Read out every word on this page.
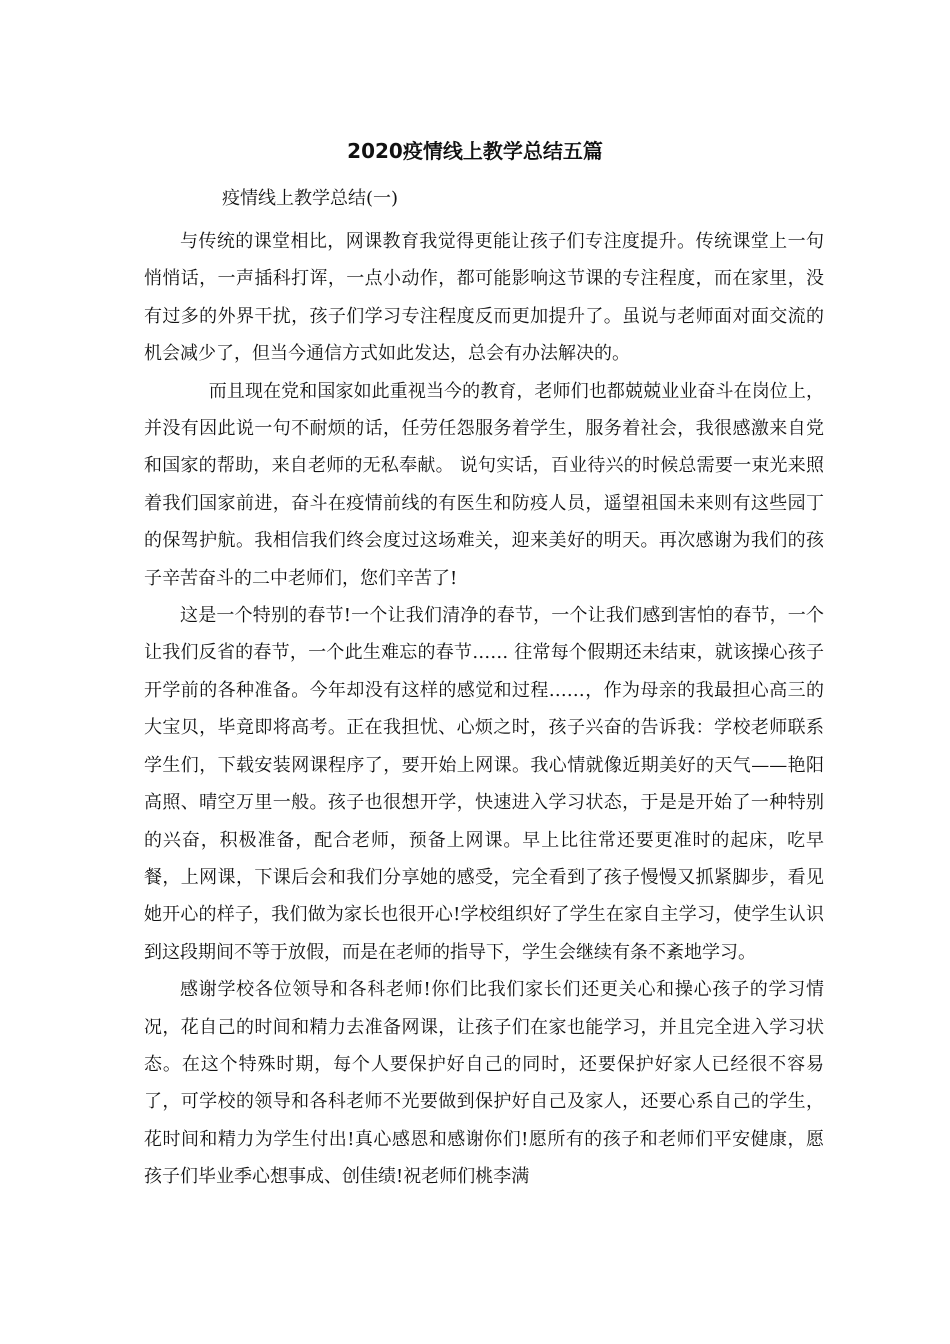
2020疫情线上教学总结五篇

疫情线上教学总结(一)

与传统的课堂相比，网课教育我觉得更能让孩子们专注度提升。传统课堂上一句悄悄话，一声插科打诨，一点小动作，都可能影响这节课的专注程度，而在家里，没有过多的外界干扰，孩子们学习专注程度反而更加提升了。虽说与老师面对面交流的机会减少了，但当今通信方式如此发达，总会有办法解决的。

而且现在党和国家如此重视当今的教育，老师们也都兢兢业业奋斗在岗位上，并没有因此说一句不耐烦的话，任劳任怨服务着学生，服务着社会，我很感激来自党和国家的帮助，来自老师的无私奉献。 说句实话，百业待兴的时候总需要一束光来照着我们国家前进，奋斗在疫情前线的有医生和防疫人员，遥望祖国未来则有这些园丁的保驾护航。我相信我们终会度过这场难关，迎来美好的明天。再次感谢为我们的孩子辛苦奋斗的二中老师们，您们辛苦了!

这是一个特别的春节!一个让我们清净的春节，一个让我们感到害怕的春节，一个让我们反省的春节，一个此生难忘的春节…… 往常每个假期还未结束，就该操心孩子开学前的各种准备。今年却没有这样的感觉和过程……，作为母亲的我最担心高三的大宝贝，毕竟即将高考。正在我担忧、心烦之时，孩子兴奋的告诉我：学校老师联系学生们，下载安装网课程序了，要开始上网课。我心情就像近期美好的天气——艳阳高照、晴空万里一般。孩子也很想开学，快速进入学习状态，于是是开始了一种特别的兴奋，积极准备，配合老师，预备上网课。早上比往常还要更准时的起床，吃早餐，上网课，下课后会和我们分享她的感受，完全看到了孩子慢慢又抓紧脚步，看见她开心的样子，我们做为家长也很开心!学校组织好了学生在家自主学习，使学生认识到这段期间不等于放假，而是在老师的指导下，学生会继续有条不紊地学习。

感谢学校各位领导和各科老师!你们比我们家长们还更关心和操心孩子的学习情况，花自己的时间和精力去准备网课，让孩子们在家也能学习，并且完全进入学习状态。在这个特殊时期，每个人要保护好自己的同时，还要保护好家人已经很不容易了，可学校的领导和各科老师不光要做到保护好自己及家人，还要心系自己的学生，花时间和精力为学生付出!真心感恩和感谢你们!愿所有的孩子和老师们平安健康，愿孩子们毕业季心想事成、创佳绩!祝老师们桃李满
